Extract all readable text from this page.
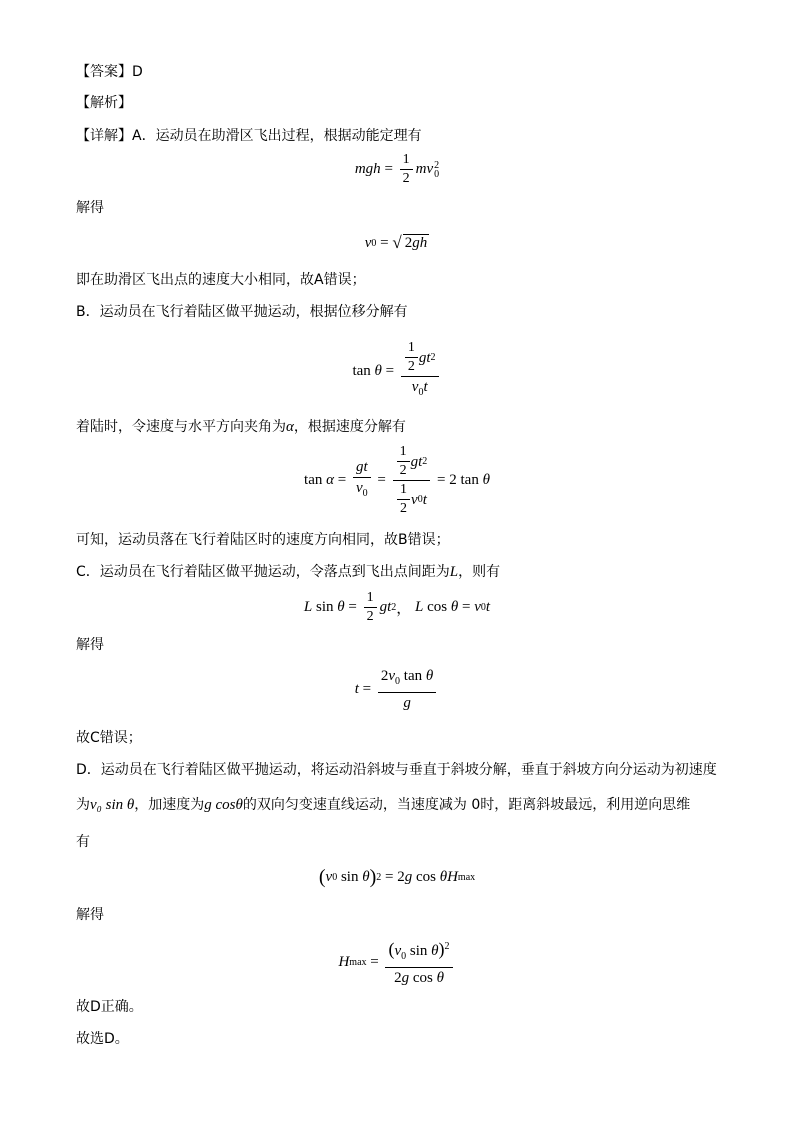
【答案】D
【解析】
【详解】A．运动员在助滑区飞出过程，根据动能定理有
mgh = $\frac{1}{2}$ mv 2
0
解得
v 0 = √ 2gh
即在助滑区飞出点的速度大小相同，故A错误；
B．运动员在飞行着陆区做平抛运动，根据位移分解有
tan
$\theta = \frac{\frac{1}{2} gt 2}{v_0t}$
着陆时，令速度与水平方向夹角为α，根据速度分解有
tan
$\alpha = \frac{gt}{v_0} = \frac{\frac{1}{2} gt 2}{\frac{1}{2} v 0 t} = 2$ tan
θ
可知，运动员落在飞行着陆区时的速度方向相同，故B错误；
C．运动员在飞行着陆区做平抛运动，令落点到飞出点间距为L，则有
L
sin
$\theta = \frac{1}{2}$ gt 2 ，
L
cos
θ = v 0 t
解得
$t = \frac{2v_0 \tan \theta}{g}$
故C错误；
D．运动员在飞行着陆区做平抛运动，将运动沿斜坡与垂直于斜坡分解，垂直于斜坡方向分运动为初速度
为v₀ sin θ，加速度为g cosθ的双向匀变速直线运动，当速度减为 0时，距离斜坡最远，利用逆向思维
有
( v 0
sin
θ ) 2 = 2 g
cos
θH max
解得
H $\max = \frac{(v_0 \sin \theta)^2}{\text{2g cos θ}}$
故D正确。
故选D。
